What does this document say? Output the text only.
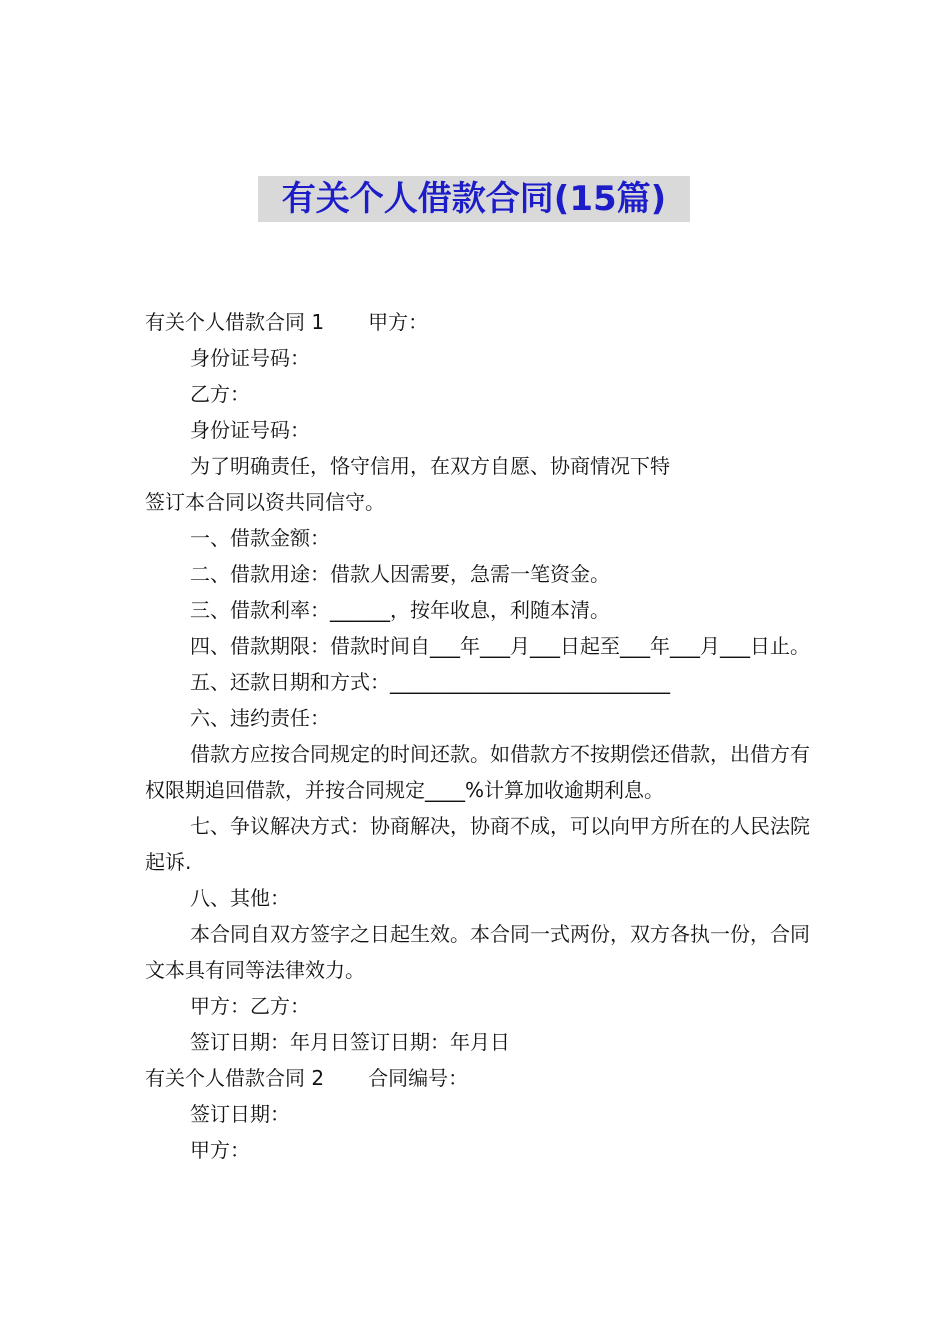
有关个人借款合同(15篇)

有关个人借款合同 1 甲方：

身份证号码：

乙方：

身份证号码：

为了明确责任，恪守信用，在双方自愿、协商情况下特

签订本合同以资共同信守。

一、借款金额：

二、借款用途：借款人因需要，急需一笔资金。

三、借款利率：______，按年收息，利随本清。

四、借款期限：借款时间自___年___月___日起至___年___月___日止。

五、还款日期和方式：____________________________

六、违约责任：

借款方应按合同规定的时间还款。如借款方不按期偿还借款，出借方有权限期追回借款，并按合同规定____%计算加收逾期利息。

七、争议解决方式：协商解决，协商不成，可以向甲方所在的人民法院起诉.

八、其他：

本合同自双方签字之日起生效。本合同一式两份，双方各执一份，合同文本具有同等法律效力。

甲方：乙方：

签订日期：年月日签订日期：年月日

有关个人借款合同 2 合同编号：

签订日期：

甲方：
